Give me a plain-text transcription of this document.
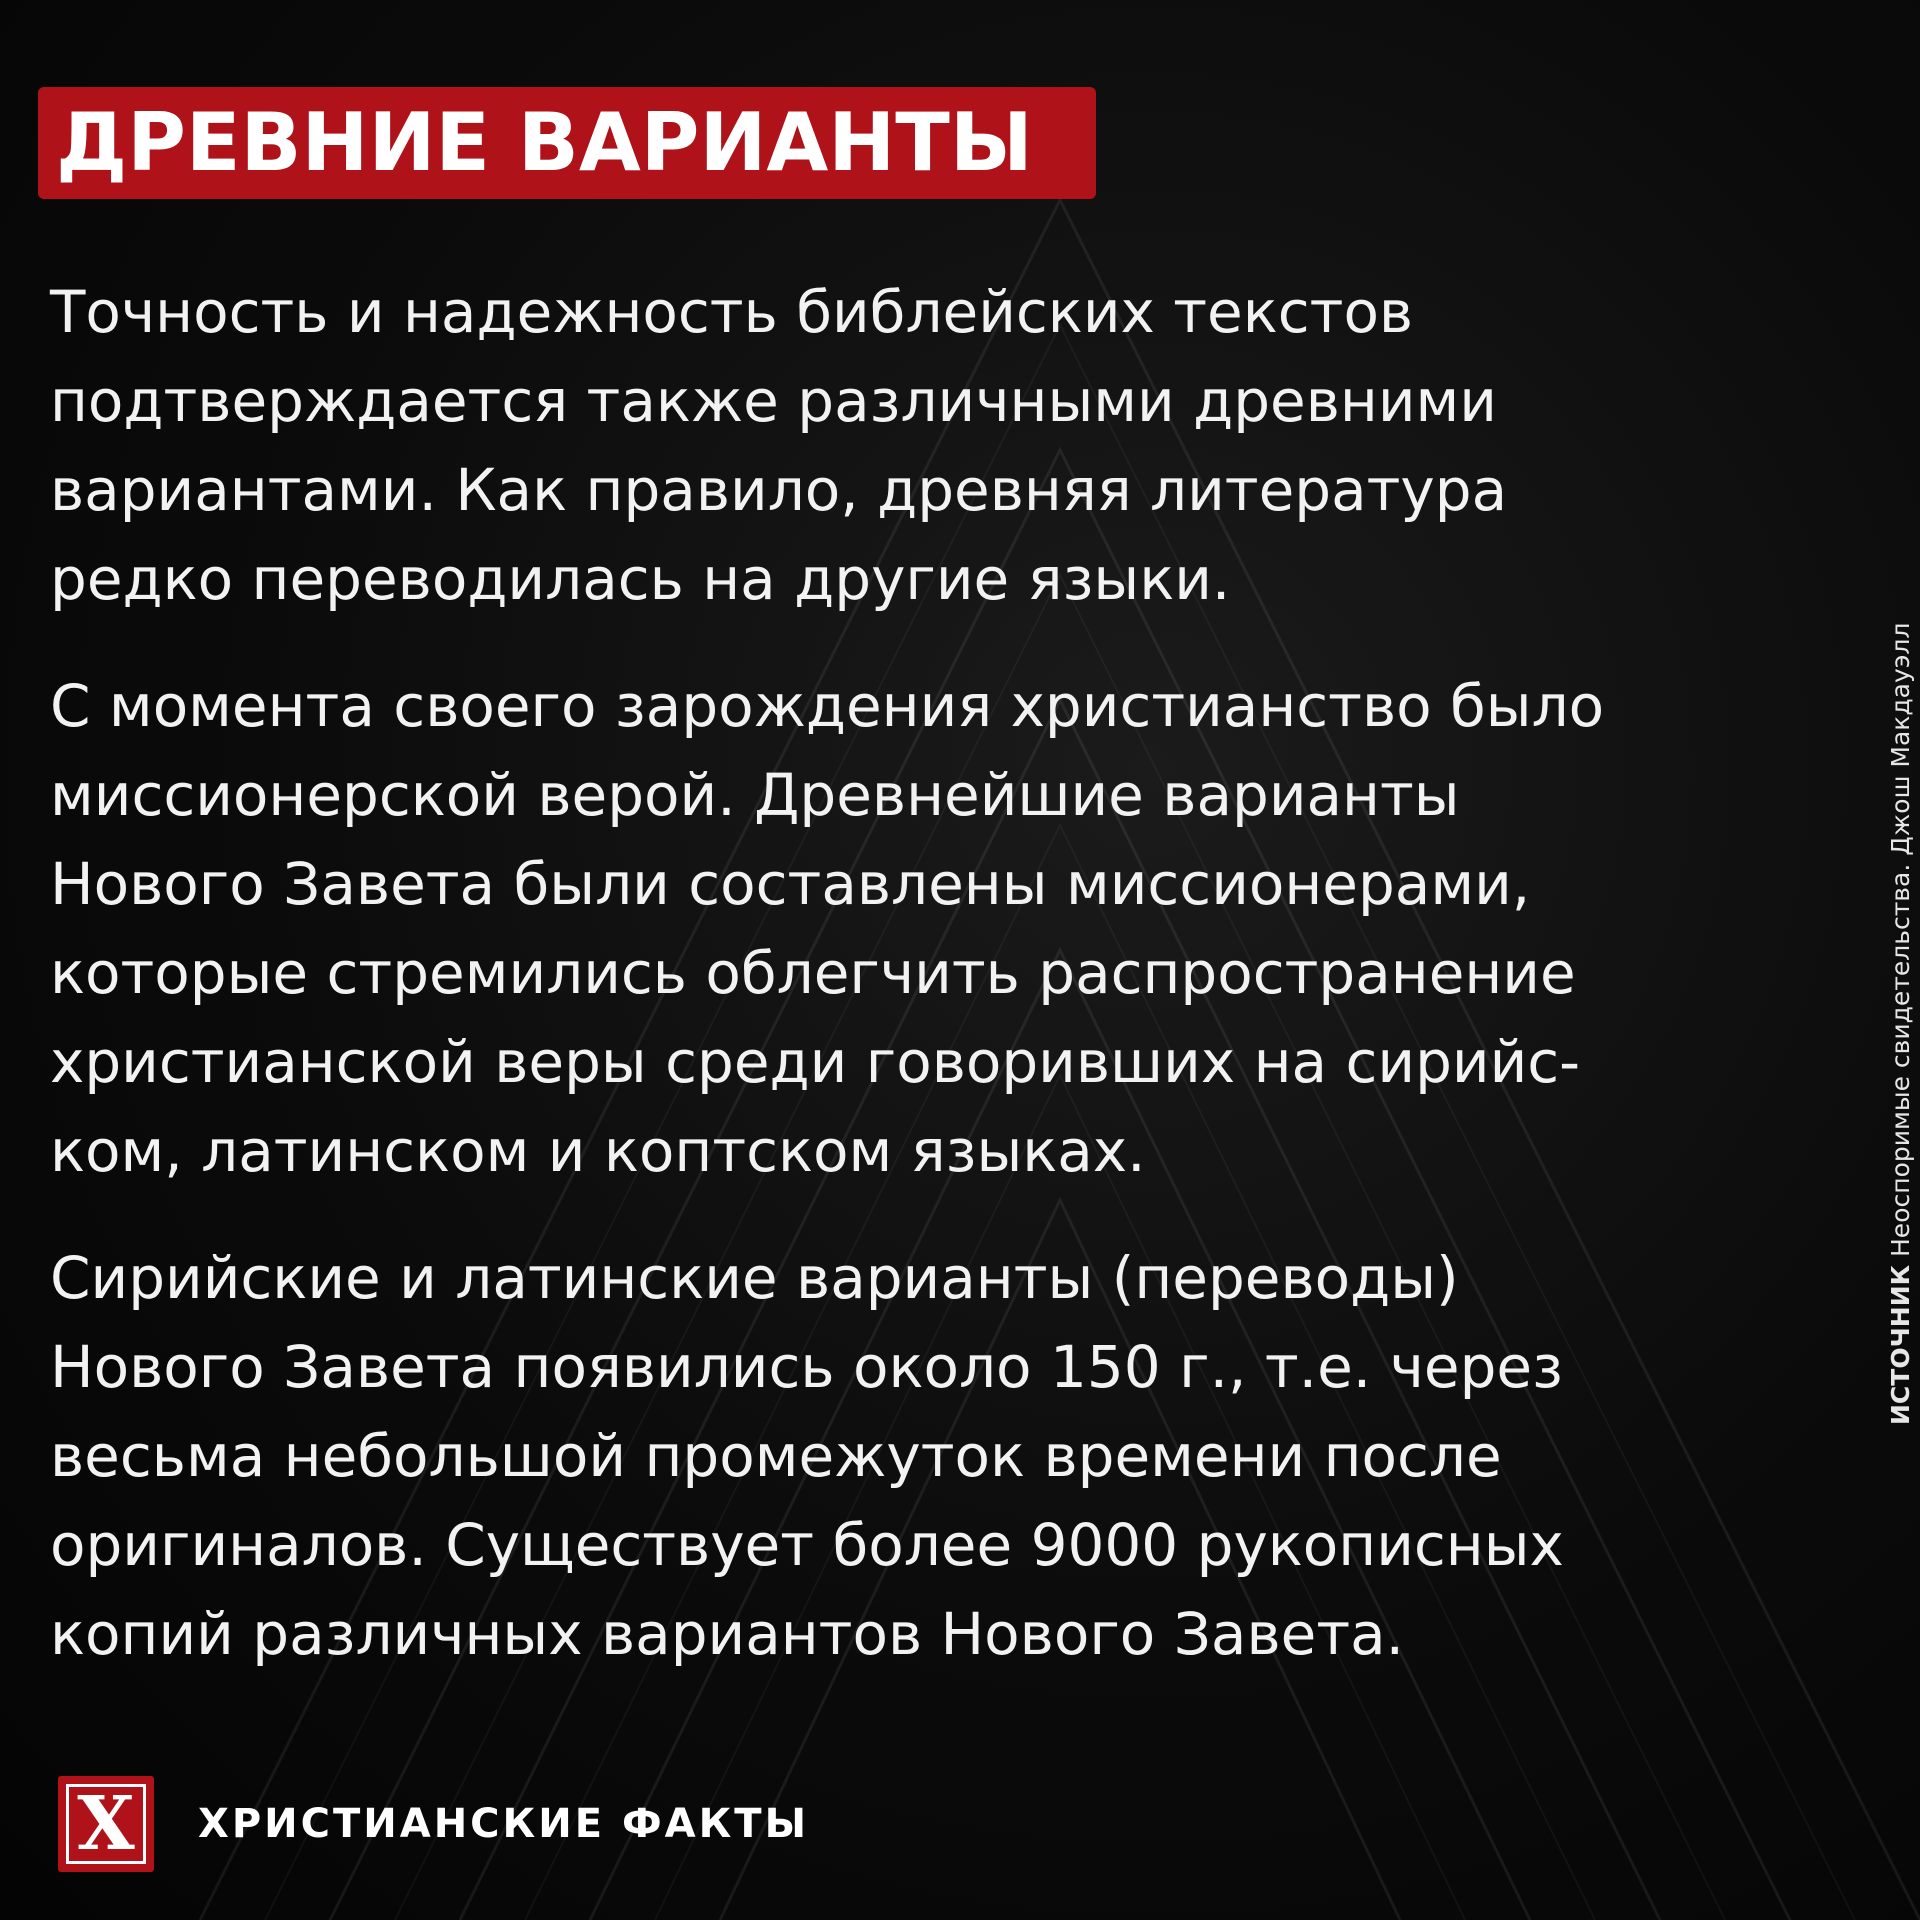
ДРЕВНИЕ ВАРИАНТЫ
Точность и надежность библейских текстов
подтверждается также различными древними
вариантами. Как правило, древняя литература
редко переводилась на другие языки.
С момента своего зарождения христианство было
миссионерской верой. Древнейшие варианты
Нового Завета были составлены миссионерами,
которые стремились облегчить распространение
христианской веры среди говоривших на сирийс-
ком, латинском и коптском языках.
Сирийские и латинские варианты (переводы)
Нового Завета появились около 150 г., т.е. через
весьма небольшой промежуток времени после
оригиналов. Существует более 9000 рукописных
копий различных вариантов Нового Завета.
ИСТОЧНИК Неоспоримые свидетельства. Джош Макдауэлл
X	ХРИСТИАНСКИЕ ФАКТЫ
